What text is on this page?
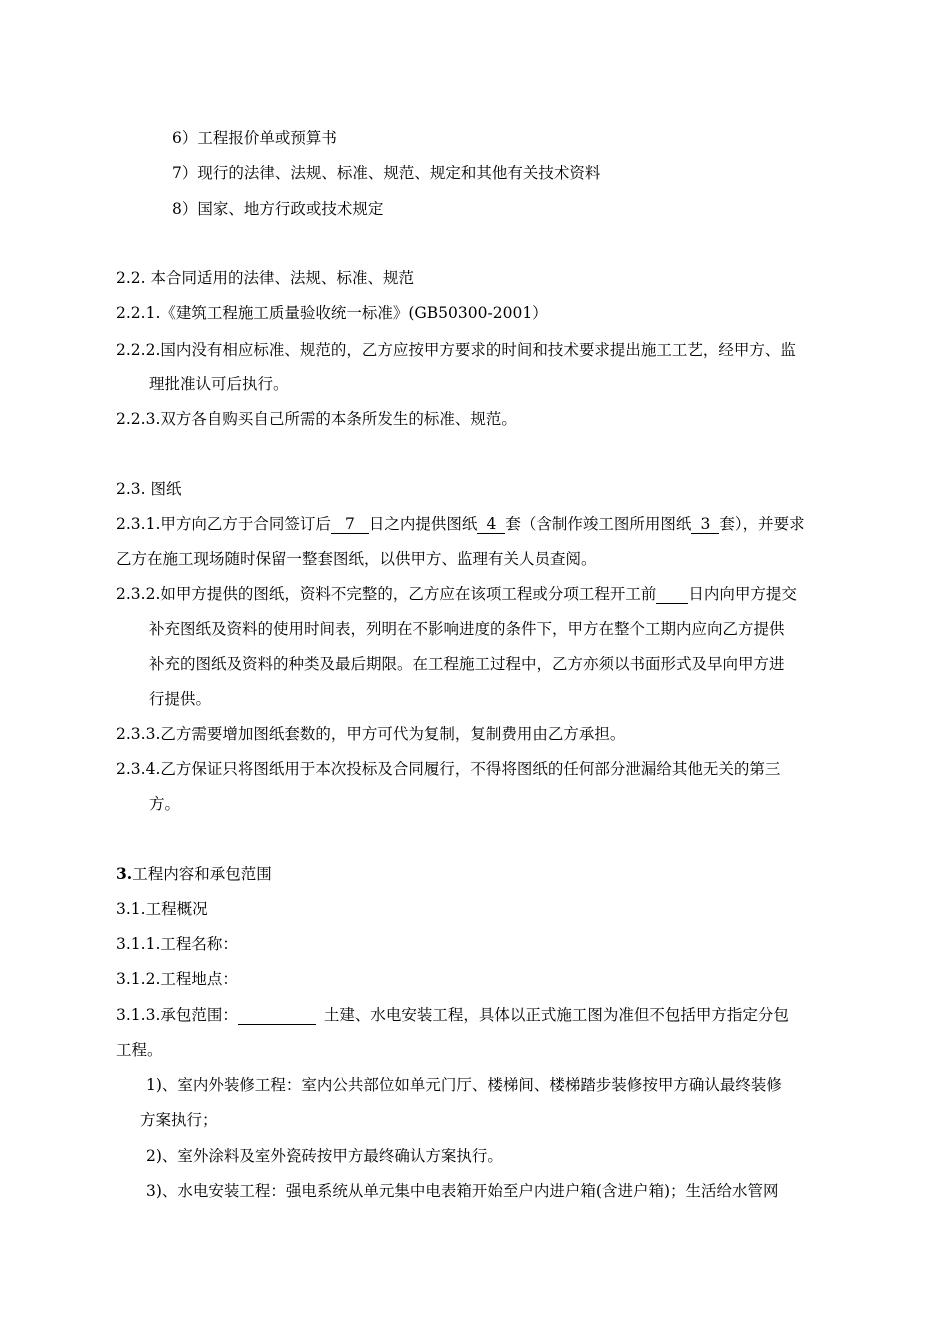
6）工程报价单或预算书
7）现行的法律、法规、标准、规范、规定和其他有关技术资料
8）国家、地方行政或技术规定
2.2. 本合同适用的法律、法规、标准、规范
2.2.1.《建筑工程施工质量验收统一标准》(GB50300-2001）
2.2.2.国内没有相应标准、规范的，乙方应按甲方要求的时间和技术要求提出施工工艺，经甲方、监
理批准认可后执行。
2.2.3.双方各自购买自己所需的本条所发生的标准、规范。
2.3. 图纸
2.3.1.甲方向乙方于合同签订后 7 日之内提供图纸 4 套（含制作竣工图所用图纸 3 套），并要求
乙方在施工现场随时保留一整套图纸，以供甲方、监理有关人员查阅。
2.3.2.如甲方提供的图纸，资料不完整的，乙方应在该项工程或分项工程开工前 日内向甲方提交
补充图纸及资料的使用时间表，列明在不影响进度的条件下，甲方在整个工期内应向乙方提供
补充的图纸及资料的种类及最后期限。在工程施工过程中，乙方亦须以书面形式及早向甲方进
行提供。
2.3.3.乙方需要增加图纸套数的，甲方可代为复制，复制费用由乙方承担。
2.3.4.乙方保证只将图纸用于本次投标及合同履行，不得将图纸的任何部分泄漏给其他无关的第三
方。
3.工程内容和承包范围
3.1.工程概况
3.1.1.工程名称：
3.1.2.工程地点：
3.1.3.承包范围：	土建、水电安装工程，具体以正式施工图为准但不包括甲方指定分包
工程。
1)、室内外装修工程：室内公共部位如单元门厅、楼梯间、楼梯踏步装修按甲方确认最终装修
方案执行；
2)、室外涂料及室外瓷砖按甲方最终确认方案执行。
3)、水电安装工程：强电系统从单元集中电表箱开始至户内进户箱(含进户箱)；生活给水管网
